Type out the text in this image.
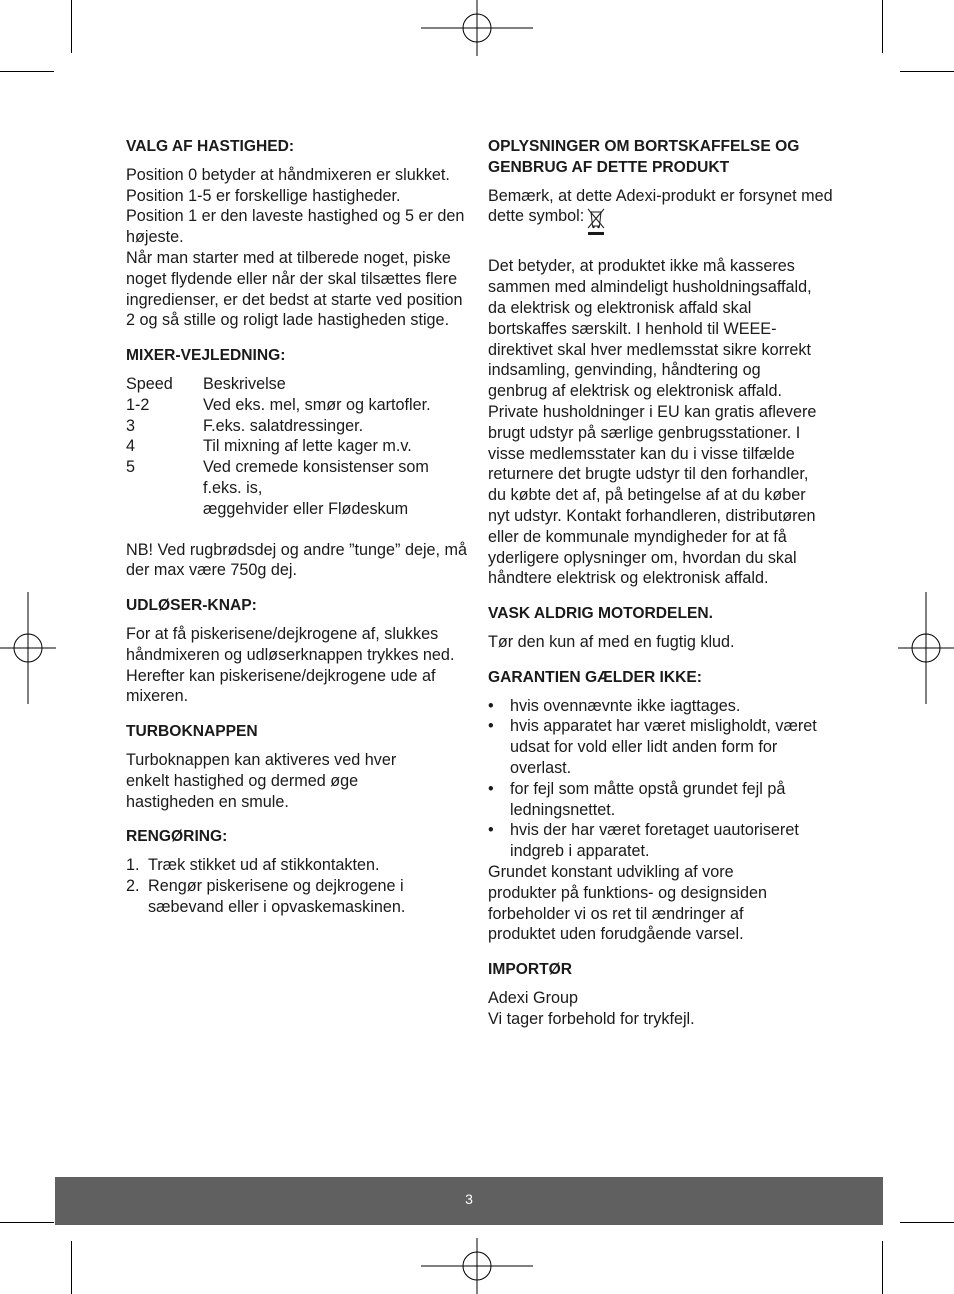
VALG AF HASTIGHED:
Position 0 betyder at håndmixeren er slukket.
Position 1-5 er forskellige hastigheder.
Position 1 er den laveste hastighed og 5 er den højeste.
Når man starter med at tilberede noget, piske noget flydende eller når der skal tilsættes flere ingredienser, er det bedst at starte ved position 2 og så stille og roligt lade hastigheden stige.
MIXER-VEJLEDNING:
Speed	Beskrivelse
1-2	Ved eks. mel, smør og kartofler.
3	F.eks. salatdressinger.
4	Til mixning af lette kager m.v.
5	Ved cremede konsistenser som f.eks. is,
æggehvider eller Flødeskum
NB! Ved rugbrødsdej og andre ”tunge” deje, må der max være 750g dej.
UDLØSER-KNAP:
For at få piskerisene/dejkrogene af, slukkes håndmixeren og udløserknappen trykkes ned. Herefter kan piskerisene/dejkrogene ude af mixeren.
TURBOKNAPPEN
Turboknappen kan aktiveres ved hver enkelt hastighed og dermed øge hastigheden en smule.
RENGØRING:
1. Træk stikket ud af stikkontakten.
2. Rengør piskerisene og dejkrogene i sæbevand eller i opvaskemaskinen.
OPLYSNINGER OM BORTSKAFFELSE OG GENBRUG AF DETTE PRODUKT
Bemærk, at dette Adexi-produkt er forsynet med dette symbol:
Det betyder, at produktet ikke må kasseres sammen med almindeligt husholdningsaffald, da elektrisk og elektronisk affald skal bortskaffes særskilt. I henhold til WEEE-direktivet skal hver medlemsstat sikre korrekt indsamling, genvinding, håndtering og genbrug af elektrisk og elektronisk affald. Private husholdninger i EU kan gratis aflevere brugt udstyr på særlige genbrugsstationer. I visse medlemsstater kan du i visse tilfælde returnere det brugte udstyr til den forhandler, du købte det af, på betingelse af at du køber nyt udstyr. Kontakt forhandleren, distributøren eller de kommunale myndigheder for at få yderligere oplysninger om, hvordan du skal håndtere elektrisk og elektronisk affald.
VASK ALDRIG MOTORDELEN.
Tør den kun af med en fugtig klud.
GARANTIEN GÆLDER IKKE:
•	hvis ovennævnte ikke iagttages.
•	hvis apparatet har været misligholdt, været udsat for vold eller lidt anden form for overlast.
•	for fejl som måtte opstå grundet fejl på ledningsnettet.
•	hvis der har været foretaget uautoriseret indgreb i apparatet.
Grundet konstant udvikling af vore produkter på funktions- og designsiden forbeholder vi os ret til ændringer af produktet uden forudgående varsel.
IMPORTØR
Adexi Group
Vi tager forbehold for trykfejl.
3
